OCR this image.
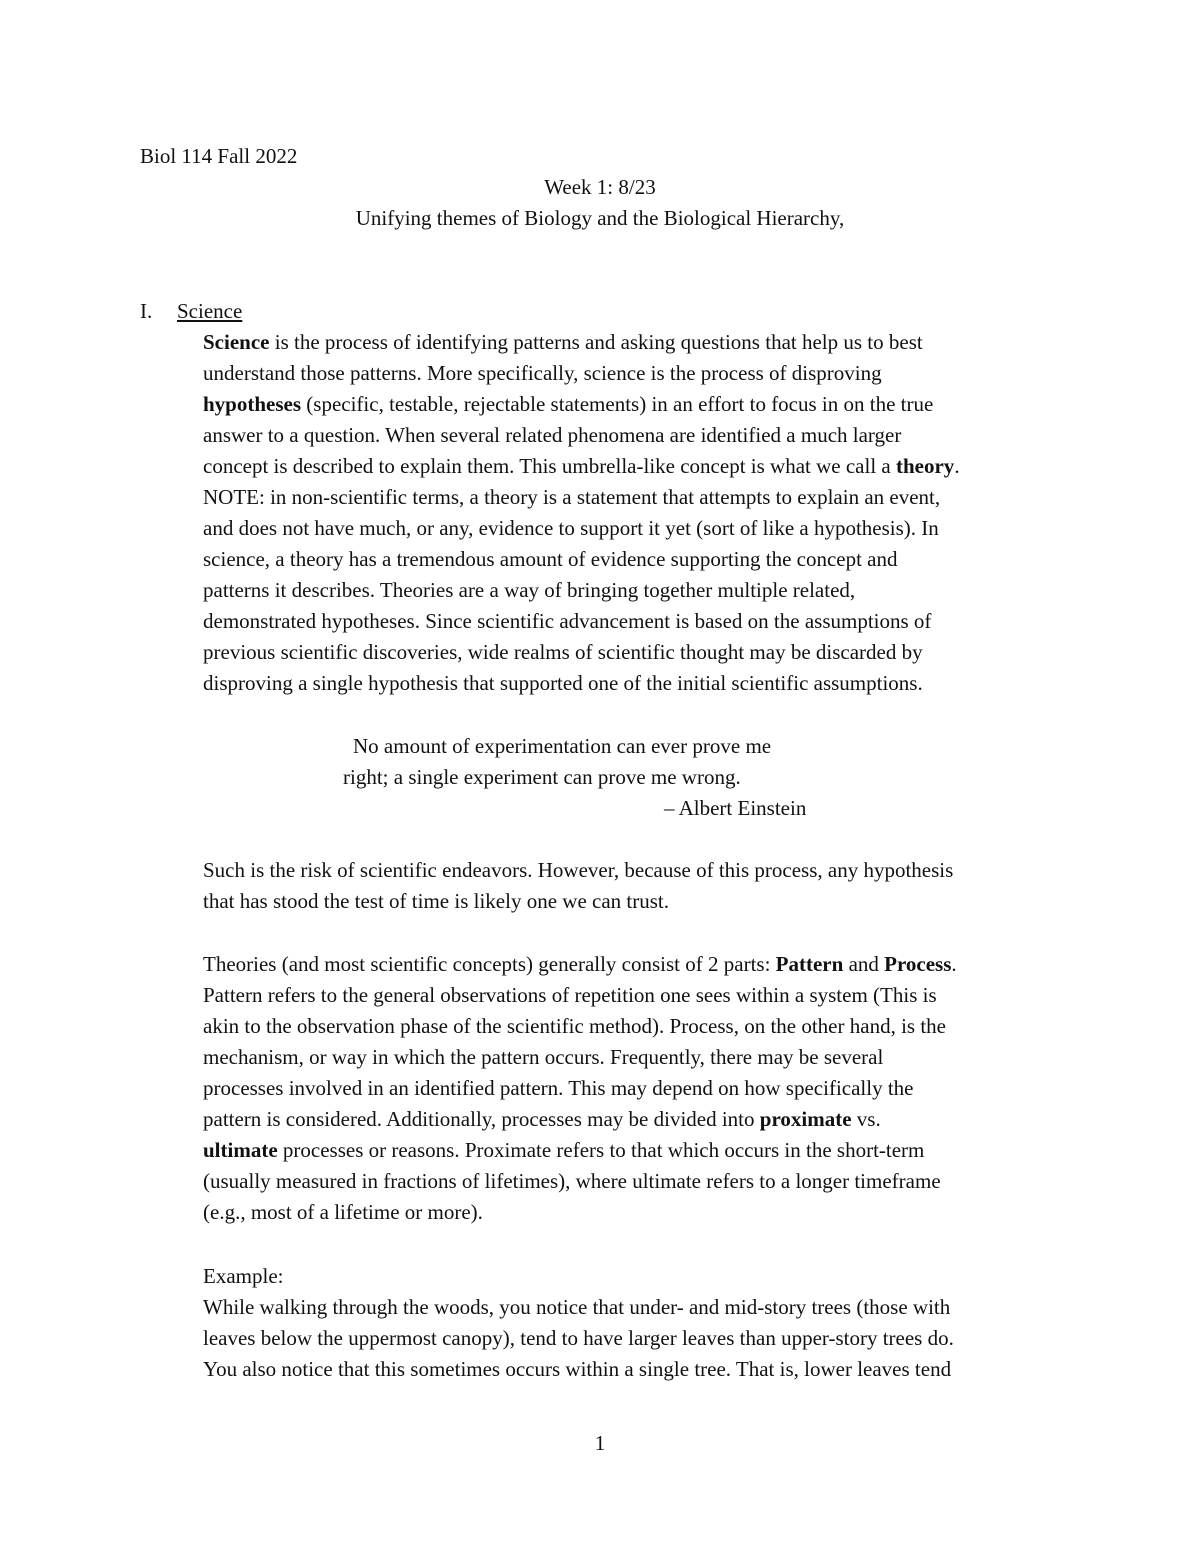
Biol 114 Fall 2022
Week 1: 8/23
Unifying themes of Biology and the Biological Hierarchy,
I. Science
Science is the process of identifying patterns and asking questions that help us to best
understand those patterns. More specifically, science is the process of disproving
hypotheses (specific, testable, rejectable statements) in an effort to focus in on the true
answer to a question. When several related phenomena are identified a much larger
concept is described to explain them. This umbrella-like concept is what we call a theory.
NOTE: in non-scientific terms, a theory is a statement that attempts to explain an event,
and does not have much, or any, evidence to support it yet (sort of like a hypothesis). In
science, a theory has a tremendous amount of evidence supporting the concept and
patterns it describes. Theories are a way of bringing together multiple related,
demonstrated hypotheses. Since scientific advancement is based on the assumptions of
previous scientific discoveries, wide realms of scientific thought may be discarded by
disproving a single hypothesis that supported one of the initial scientific assumptions.
No amount of experimentation can ever prove me
right; a single experiment can prove me wrong.
– Albert Einstein
Such is the risk of scientific endeavors. However, because of this process, any hypothesis
that has stood the test of time is likely one we can trust.
Theories (and most scientific concepts) generally consist of 2 parts: Pattern and Process.
Pattern refers to the general observations of repetition one sees within a system (This is
akin to the observation phase of the scientific method). Process, on the other hand, is the
mechanism, or way in which the pattern occurs. Frequently, there may be several
processes involved in an identified pattern. This may depend on how specifically the
pattern is considered. Additionally, processes may be divided into proximate vs.
ultimate processes or reasons. Proximate refers to that which occurs in the short-term
(usually measured in fractions of lifetimes), where ultimate refers to a longer timeframe
(e.g., most of a lifetime or more).
Example:
While walking through the woods, you notice that under- and mid-story trees (those with
leaves below the uppermost canopy), tend to have larger leaves than upper-story trees do.
You also notice that this sometimes occurs within a single tree. That is, lower leaves tend
1
